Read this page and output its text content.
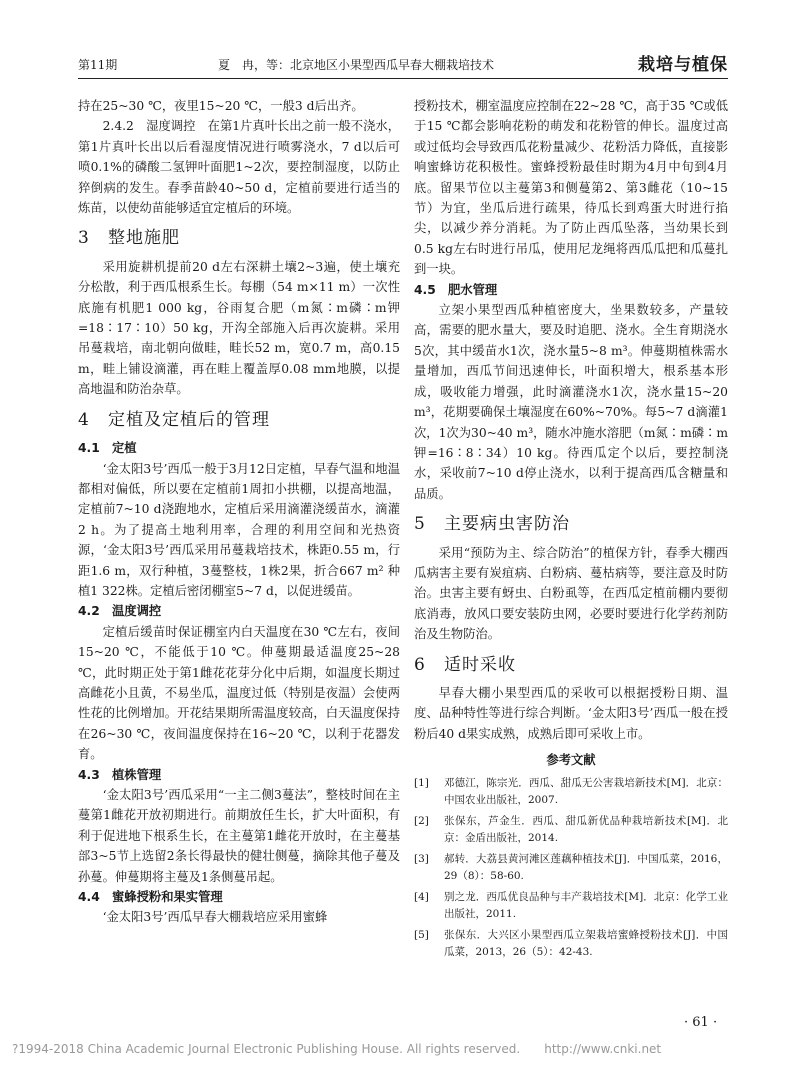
第11期	夏　冉，等：北京地区小果型西瓜早春大棚栽培技术	栽培与植保

持在25~30 ℃，夜里15~20 ℃，一般3 d后出齐。

2.4.2　湿度调控　在第1片真叶长出之前一般不浇水，第1片真叶长出以后看湿度情况进行喷雾浇水，7 d以后可喷0.1%的磷酸二氢钾叶面肥1~2次，要控制湿度，以防止猝倒病的发生。春季苗龄40~50 d，定植前要进行适当的炼苗，以使幼苗能够适宜定植后的环境。

3 整地施肥

采用旋耕机提前20 d左右深耕土壤2~3遍，使土壤充分松散，利于西瓜根系生长。每棚（54 m×11 m）一次性底施有机肥1 000 kg，谷雨复合肥（m氮∶m磷∶m钾=18∶17∶10）50 kg，开沟全部施入后再次旋耕。采用吊蔓栽培，南北朝向做畦，畦长52 m，宽0.7 m，高0.15 m，畦上铺设滴灌，再在畦上覆盖厚0.08 mm地膜，以提高地温和防治杂草。

4 定植及定植后的管理
4.1 定植

‘金太阳3号’西瓜一般于3月12日定植，早春气温和地温都相对偏低，所以要在定植前1周扣小拱棚，以提高地温，定植前7~10 d浇跑地水，定植后采用滴灌浇缓苗水，滴灌2 h。为了提高土地利用率，合理的利用空间和光热资源，‘金太阳3号’西瓜采用吊蔓栽培技术，株距0.55 m，行距1.6 m，双行种植，3蔓整枝，1株2果，折合667 m² 种植1 322株。定植后密闭棚室5~7 d，以促进缓苗。

4.2 温度调控

定植后缓苗时保证棚室内白天温度在30 ℃左右，夜间15~20 ℃，不能低于10 ℃。伸蔓期最适温度25~28 ℃，此时期正处于第1雌花花芽分化中后期，如温度长期过高雌花小且黄，不易坐瓜，温度过低（特别是夜温）会使两性花的比例增加。开花结果期所需温度较高，白天温度保持在26~30 ℃，夜间温度保持在16~20 ℃，以利于花器发育。

4.3 植株管理

‘金太阳3号’西瓜采用“一主二侧3蔓法”，整枝时间在主蔓第1雌花开放初期进行。前期放任生长，扩大叶面积，有利于促进地下根系生长，在主蔓第1雌花开放时，在主蔓基部3~5节上选留2条长得最快的健壮侧蔓，摘除其他子蔓及孙蔓。伸蔓期将主蔓及1条侧蔓吊起。

4.4 蜜蜂授粉和果实管理

‘金太阳3号’西瓜早春大棚栽培应采用蜜蜂

授粉技术，棚室温度应控制在22~28 ℃，高于35 ℃或低于15 ℃都会影响花粉的萌发和花粉管的伸长。温度过高或过低均会导致西瓜花粉量减少、花粉活力降低，直接影响蜜蜂访花积极性。蜜蜂授粉最佳时期为4月中旬到4月底。留果节位以主蔓第3和侧蔓第2、第3雌花（10~15节）为宜，坐瓜后进行疏果，待瓜长到鸡蛋大时进行掐尖，以减少养分消耗。为了防止西瓜坠落，当幼果长到0.5 kg左右时进行吊瓜，使用尼龙绳将西瓜瓜把和瓜蔓扎到一块。

4.5 肥水管理

立架小果型西瓜种植密度大，坐果数较多，产量较高，需要的肥水量大，要及时追肥、浇水。全生育期浇水5次，其中缓苗水1次，浇水量5~8 m³。伸蔓期植株需水量增加，西瓜节间迅速伸长，叶面积增大，根系基本形成，吸收能力增强，此时滴灌浇水1次，浇水量15~20 m³，花期要确保土壤湿度在60%~70%。每5~7 d滴灌1次，1次为30~40 m³，随水冲施水溶肥（m氮∶m磷∶m钾=16∶8∶34）10 kg。待西瓜定个以后，要控制浇水，采收前7~10 d停止浇水，以利于提高西瓜含糖量和品质。

5 主要病虫害防治

采用“预防为主、综合防治”的植保方针，春季大棚西瓜病害主要有炭疽病、白粉病、蔓枯病等，要注意及时防治。虫害主要有蚜虫、白粉虱等，在西瓜定植前棚内要彻底消毒，放风口要安装防虫网，必要时要进行化学药剂防治及生物防治。

6 适时采收

早春大棚小果型西瓜的采收可以根据授粉日期、温度、品种特性等进行综合判断。‘金太阳3号’西瓜一般在授粉后40 d果实成熟，成熟后即可采收上市。

参考文献
[1]	邓德江，陈宗光．西瓜、甜瓜无公害栽培新技术[M]．北京：中国农业出版社，2007.
[2]	张保东，芦金生．西瓜、甜瓜新优品种栽培新技术[M]．北京：金盾出版社，2014.
[3]	郝转．大荔县黄河滩区莲藕种植技术[J]．中国瓜菜，2016，29（8）：58-60.
[4]	别之龙．西瓜优良品种与丰产栽培技术[M]．北京：化学工业出版社，2011.
[5]	张保东．大兴区小果型西瓜立架栽培蜜蜂授粉技术[J]．中国瓜菜，2013，26（5）：42-43.
· 61 ·
?1994-2018 China Academic Journal Electronic Publishing House. All rights reserved.　　http://www.cnki.net
